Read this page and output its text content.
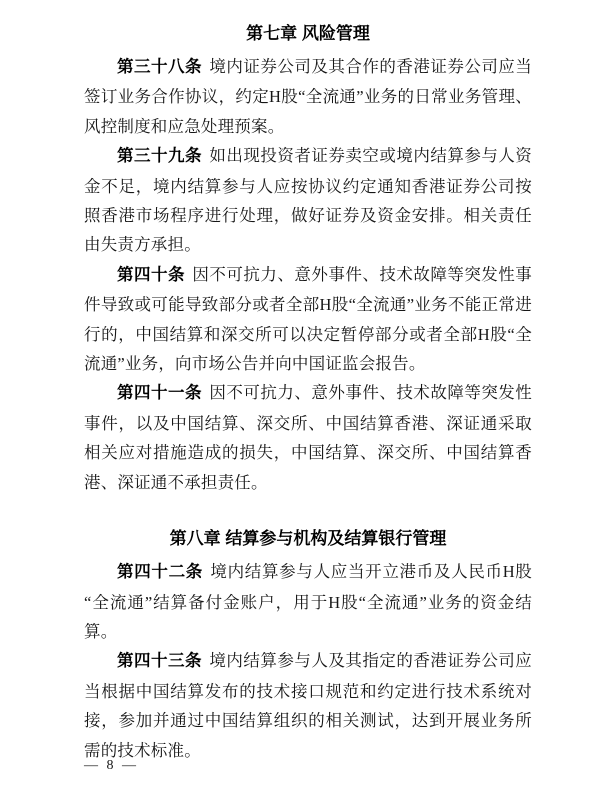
第七章 风险管理

第三十八条 境内证券公司及其合作的香港证券公司应当签订业务合作协议，约定H股“全流通”业务的日常业务管理、风控制度和应急处理预案。

第三十九条 如出现投资者证券卖空或境内结算参与人资金不足，境内结算参与人应按协议约定通知香港证券公司按照香港市场程序进行处理，做好证券及资金安排。相关责任由失责方承担。

第四十条 因不可抗力、意外事件、技术故障等突发性事件导致或可能导致部分或者全部H股“全流通”业务不能正常进行的，中国结算和深交所可以决定暂停部分或者全部H股“全流通”业务，向市场公告并向中国证监会报告。

第四十一条 因不可抗力、意外事件、技术故障等突发性事件，以及中国结算、深交所、中国结算香港、深证通采取相关应对措施造成的损失，中国结算、深交所、中国结算香港、深证通不承担责任。

第八章 结算参与机构及结算银行管理

第四十二条 境内结算参与人应当开立港币及人民币H股“全流通”结算备付金账户，用于H股“全流通”业务的资金结算。

第四十三条 境内结算参与人及其指定的香港证券公司应当根据中国结算发布的技术接口规范和约定进行技术系统对接，参加并通过中国结算组织的相关测试，达到开展业务所需的技术标准。

— 8 —
